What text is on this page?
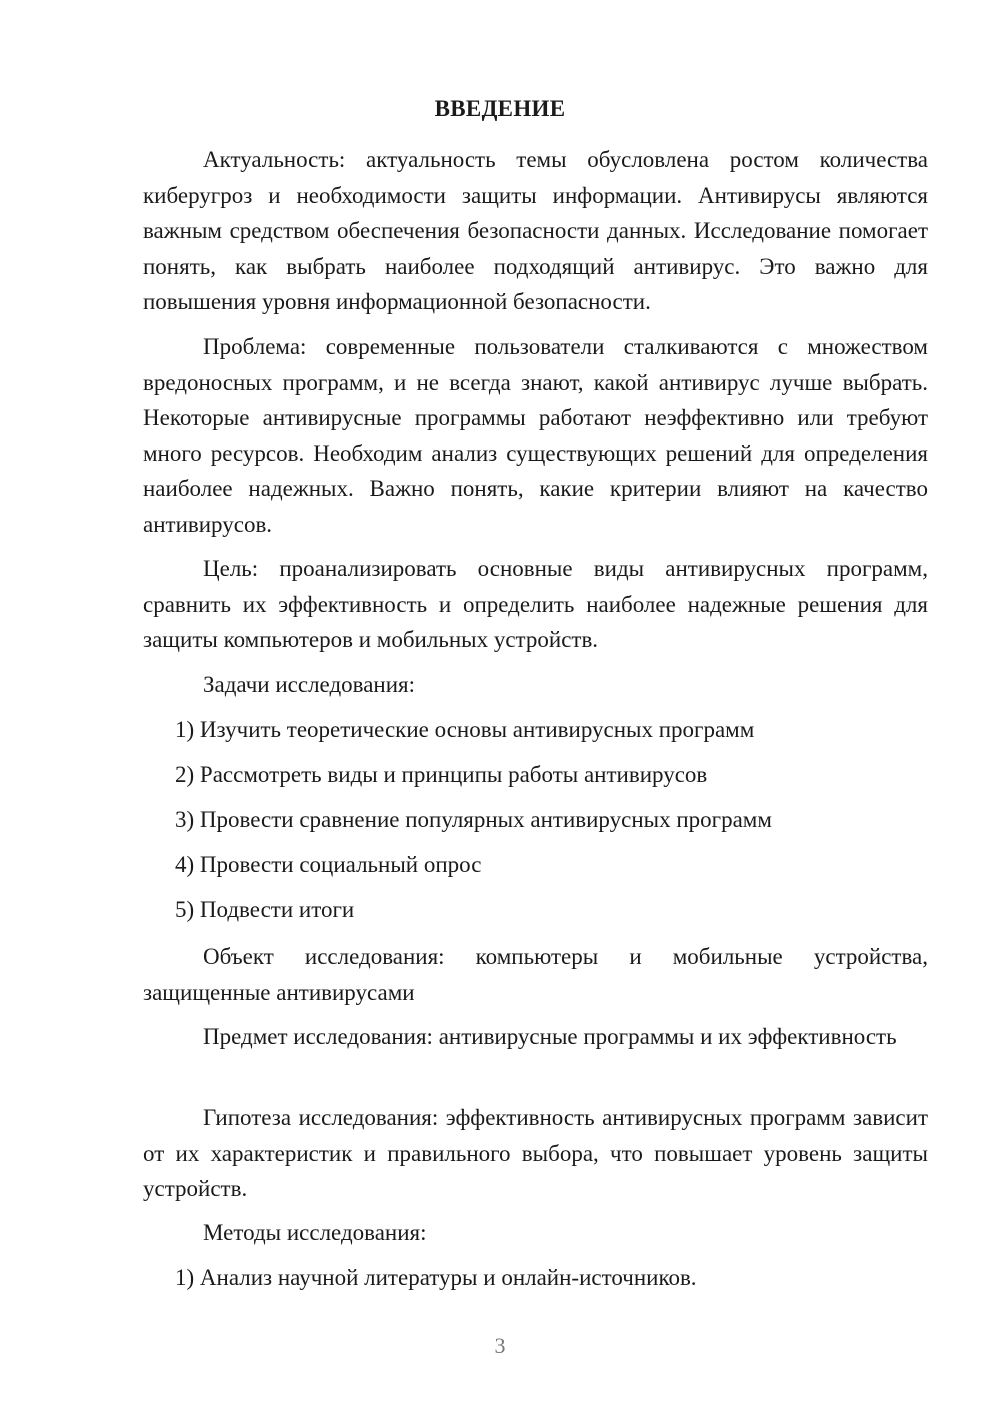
ВВЕДЕНИЕ

Актуальность: актуальность темы обусловлена ростом количества киберугроз и необходимости защиты информации. Антивирусы являются важным средством обеспечения безопасности данных. Исследование помогает понять, как выбрать наиболее подходящий антивирус. Это важно для повышения уровня информационной безопасности.

Проблема: современные пользователи сталкиваются с множеством вредоносных программ, и не всегда знают, какой антивирус лучше выбрать. Некоторые антивирусные программы работают неэффективно или требуют много ресурсов. Необходим анализ существующих решений для определения наиболее надежных. Важно понять, какие критерии влияют на качество антивирусов.

Цель: проанализировать основные виды антивирусных программ, сравнить их эффективность и определить наиболее надежные решения для защиты компьютеров и мобильных устройств.

Задачи исследования:

1) Изучить теоретические основы антивирусных программ

2) Рассмотреть виды и принципы работы антивирусов

3) Провести сравнение популярных антивирусных программ

4) Провести социальный опрос

5) Подвести итоги

Объект исследования: компьютеры и мобильные устройства, защищенные антивирусами

Предмет исследования: антивирусные программы и их эффективность

Гипотеза исследования: эффективность антивирусных программ зависит от их характеристик и правильного выбора, что повышает уровень защиты устройств.

Методы исследования:

1) Анализ научной литературы и онлайн-источников.

3
